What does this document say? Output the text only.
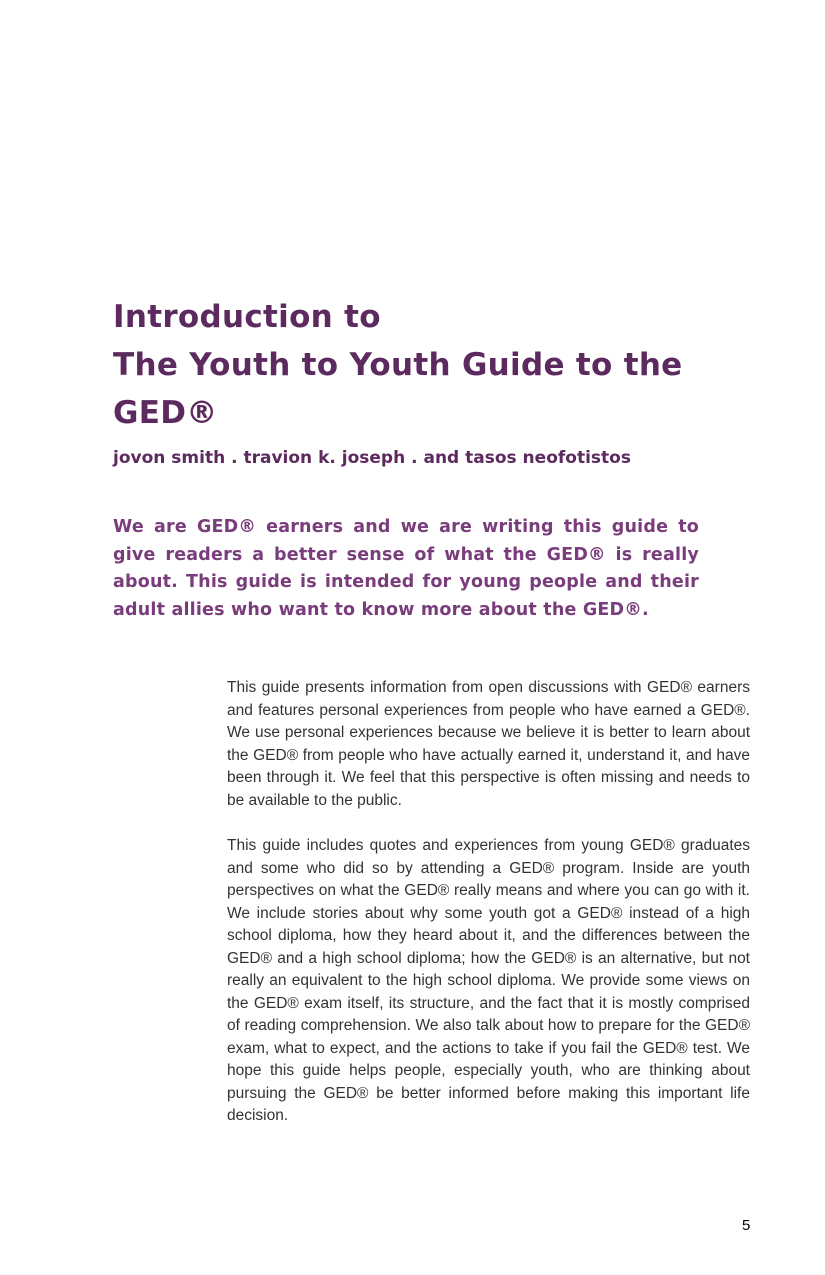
Introduction to
The Youth to Youth Guide to the
GED®
jovon smith . travion k. joseph . and tasos neofotistos
We are GED® earners and we are writing this guide to give readers a better sense of what the GED® is really about. This guide is intended for young people and their adult allies who want to know more about the GED®.

This guide presents information from open discussions with GED® earners and features personal experiences from people who have earned a GED®. We use personal experiences because we believe it is better to learn about the GED® from people who have actually earned it, understand it, and have been through it. We feel that this perspective is often missing and needs to be available to the public.

This guide includes quotes and experiences from young GED® graduates and some who did so by attending a GED® program. Inside are youth perspectives on what the GED® really means and where you can go with it. We include stories about why some youth got a GED® instead of a high school diploma, how they heard about it, and the differences between the GED® and a high school diploma; how the GED® is an alternative, but not really an equivalent to the high school diploma. We provide some views on the GED® exam itself, its structure, and the fact that it is mostly comprised of reading comprehension. We also talk about how to prepare for the GED® exam, what to expect, and the actions to take if you fail the GED® test. We hope this guide helps people, especially youth, who are thinking about pursuing the GED® be better informed before making this important life decision.

5
